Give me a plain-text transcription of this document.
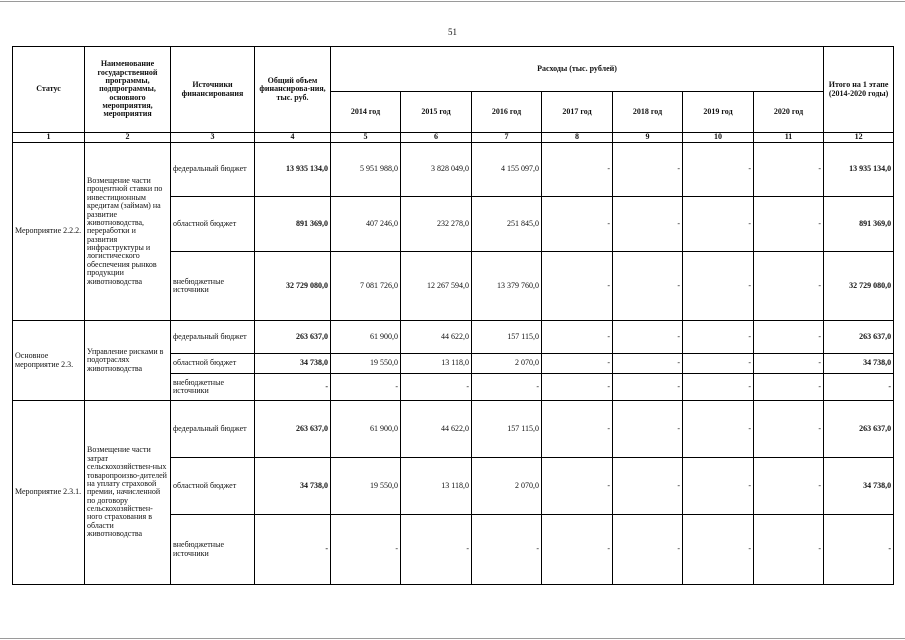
51
Статус	Наименование государственной программы, подпрограммы, основного мероприятия, мероприятия	Источники финансирования	Общий объем финансирова-ния, тыс. руб.	Расходы (тыс. рублей)							Итого на 1 этапе (2014-2020 годы)
				2014 год	2015 год	2016 год	2017 год	2018 год	2019 год	2020 год	
1	2	3	4	5	6	7	8	9	10	11	12
Мероприятие 2.2.2.	Возмещение части процентной ставки по инвестиционным кредитам (займам) на развитие животноводства, переработки и развития инфраструктуры и логистического обеспечения рынков продукции животноводства	федеральный бюджет	13 935 134,0	5 951 988,0	3 828 049,0	4 155 097,0	-	-	-	-	13 935 134,0
		областной бюджет	891 369,0	407 246,0	232 278,0	251 845,0	-	-	-	-	891 369,0
		внебюджетные источники	32 729 080,0	7 081 726,0	12 267 594,0	13 379 760,0	-	-	-	-	32 729 080,0
Основное мероприятие 2.3.	Управление рисками в подотраслях животноводства	федеральный бюджет	263 637,0	61 900,0	44 622,0	157 115,0	-	-	-	-	263 637,0
		областной бюджет	34 738,0	19 550,0	13 118,0	2 070,0	-	-	-	-	34 738,0
		внебюджетные источники	-	-	-	-	-	-	-	-	-
Мероприятие 2.3.1.	Возмещение части затрат сельскохозяйствен-ных товаропроизво-дителей на уплату страховой премии, начисленной по договору сельскохозяйствен-ного страхования в области животноводства	федеральный бюджет	263 637,0	61 900,0	44 622,0	157 115,0	-	-	-	-	263 637,0
		областной бюджет	34 738,0	19 550,0	13 118,0	2 070,0	-	-	-	-	34 738,0
		внебюджетные источники	-	-	-	-	-	-	-	-	-
